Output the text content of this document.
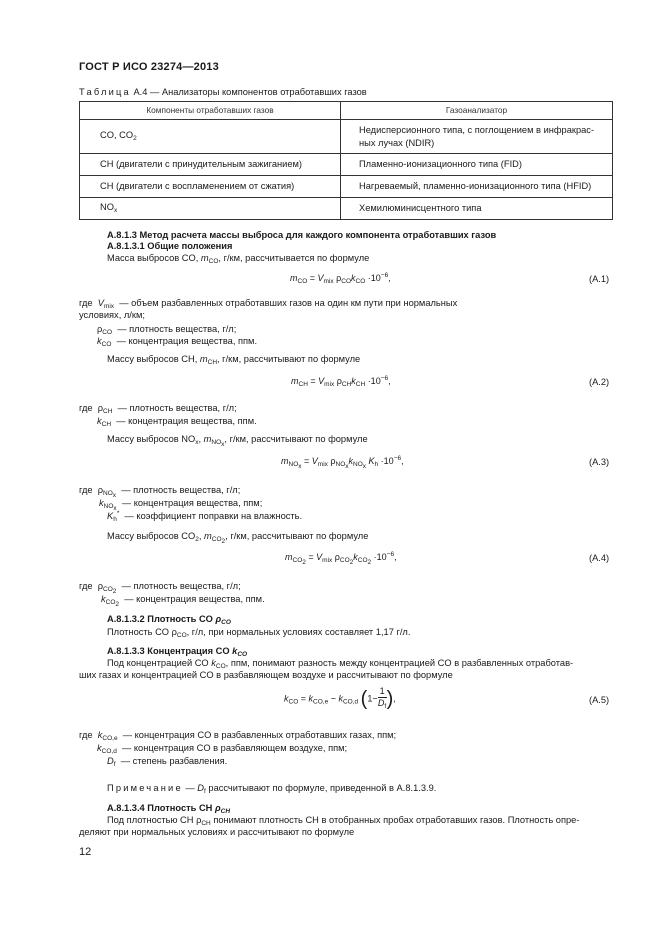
ГОСТ Р ИСО 23274—2013
Таблица А.4 — Анализаторы компонентов отработавших газов
Компоненты отработавших газов	Газоанализатор
CO, $CO_2$	Недисперсионного типа, с поглощением в инфракрас-
ных лучах (NDIR)
CH (двигатели с принудительным зажиганием)	Пламенно-ионизационного типа (FID)
CH (двигатели с воспламенением от сжатия)	Нагреваемый, пламенно-ионизационного типа (HFID)
$NO_x$	Хемилюминисцентного типа
А.8.1.3 Метод расчета массы выброса для каждого компонента отработавших газов
А.8.1.3.1 Общие положения
Масса выбросов CO, $m_{CO}$, г/км, рассчитывается по формуле
$m_{CO} = V_{mix}$ $\rho_{CO}k_{CO} \cdot 10^{-6}$,	(А.1)
где  $V_{mix}$ — объем разбавленных отработавших газов на один км пути при нормальных
условиях, л/км;
$\rho_{CO}$ — плотность вещества, г/л;
$k_{CO}$ — концентрация вещества, ппм.
Массу выбросов CH, $m_{CH}$, г/км, рассчитывают по формуле
$m_{CH} = V_{mix}$ $\rho_{CH}k_{CH} \cdot 10^{-6}$,	(А.2)
где  $\rho_{CH}$ — плотность вещества, г/л;
$k_{CH}$ — концентрация вещества, ппм.
Массу выбросов $NO_x$, $m_{NO_x}$, г/км, рассчитывают по формуле
$m_{NO_x} = V_{mix}$ $\rho_{NO_x}k_{NO_x}$ $K_h \cdot 10^{-6}$,	(А.3)
где  $\rho_{NO_x}$  — плотность вещества, г/л;
$k_{NO_x}$  — концентрация вещества, ппм;
$K_h^*$ — коэффициент поправки на влажность.
Массу выбросов $CO_2$, $m_{CO_2}$, г/км, рассчитывают по формуле
$m_{CO_2} = V_{mix}$ $\rho_{CO_2}k_{CO_2} \cdot 10^{-6}$,	(А.4)
где  $\rho_{CO_2}$  — плотность вещества, г/л;
$k_{CO_2}$  — концентрация вещества, ппм.
А.8.1.3.2 Плотность CO $\rho_{CO}$
Плотность CO $\rho_{CO}$, г/л, при нормальных условиях составляет 1,17 г/л.
А.8.1.3.3 Концентрация CO $k_{CO}$
Под концентрацией CO $k_{CO}$, ппм, понимают разность между концентрацией CO в разбавленных отработав-
ших газах и концентрацией CO в разбавляющем воздухе и рассчитывают по формуле
$k_{CO} = k_{CO,e} - k_{CO,d}$ ($1- \frac{1}{D_f}$ ),	(А.5)
где  $k_{CO,e}$ — концентрация CO в разбавленных отработавших газах, ппм;
$k_{CO,d}$ — концентрация CO в разбавляющем воздухе, ппм;
$D_f$ — степень разбавления.
Примечание — $D_f$ рассчитывают по формуле, приведенной в А.8.1.3.9.
А.8.1.3.4 Плотность CH $\rho_{CH}$
Под плотностью CH $\rho_{CH}$ понимают плотность CH в отобранных пробах отработавших газов. Плотность опре-
деляют при нормальных условиях и рассчитывают по формуле
12
